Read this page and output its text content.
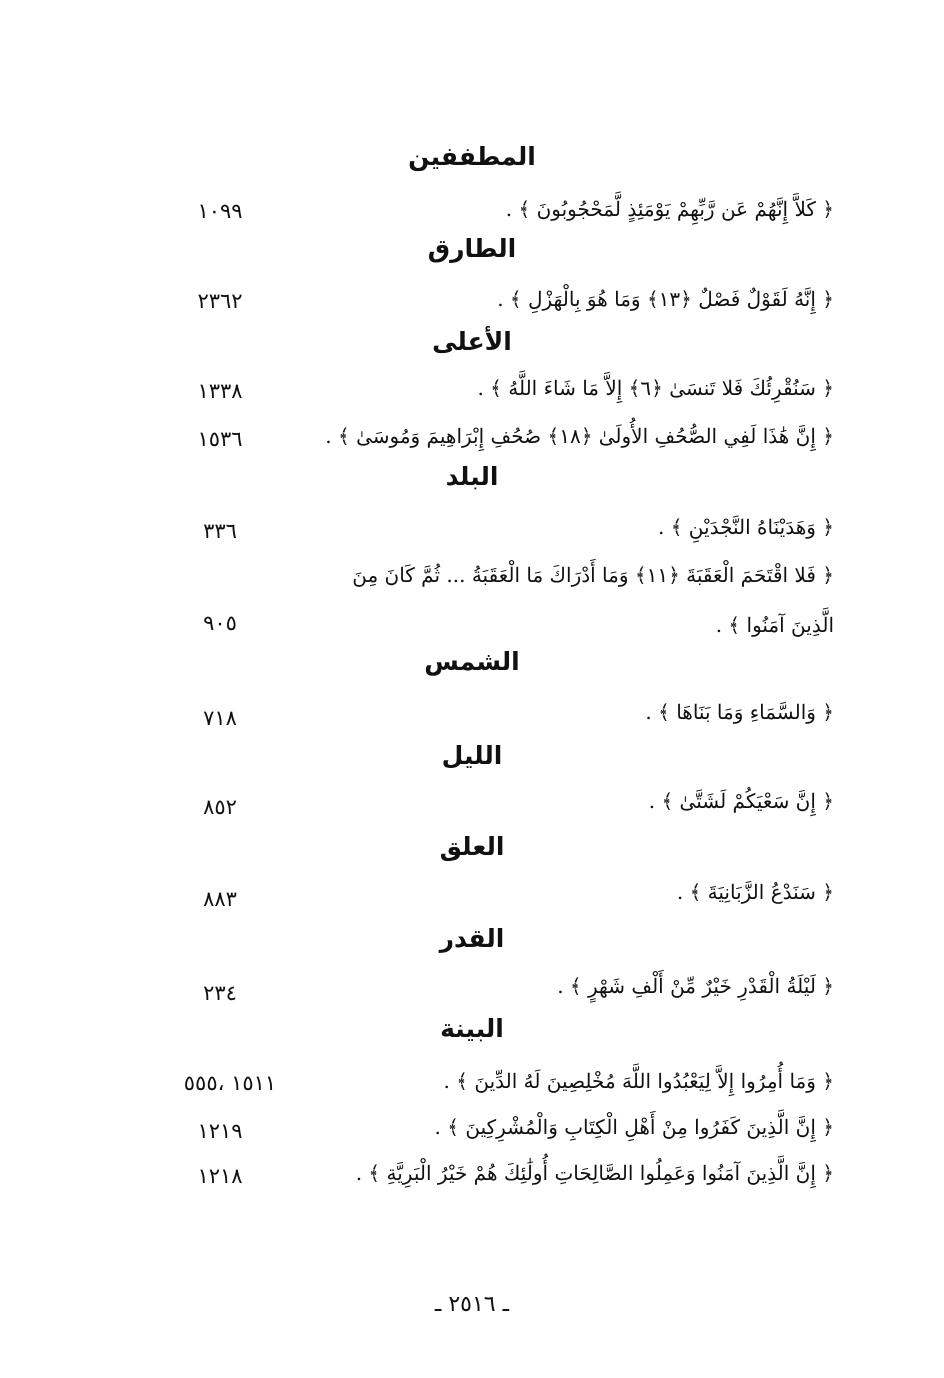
المطففين
﴿ كَلاَّ إِنَّهُمْ عَن رَّبِّهِمْ يَوْمَئِذٍ لَّمَحْجُوبُونَ ﴾ .
١٠٩٩
الطارق
﴿ إِنَّهُ لَقَوْلٌ فَصْلٌ ﴿١٣﴾ وَمَا هُوَ بِالْهَزْلِ ﴾ .
٢٣٦٢
الأعلى
﴿ سَنُقْرِئُكَ فَلا تَنسَىٰ ﴿٦﴾ إِلاَّ مَا شَاءَ اللَّهُ ﴾ .
١٣٣٨
﴿ إِنَّ هَٰذَا لَفِي الصُّحُفِ الأُولَىٰ ﴿١٨﴾ صُحُفِ إِبْرَاهِيمَ وَمُوسَىٰ ﴾ .
١٥٣٦
البلد
﴿ وَهَدَيْنَاهُ النَّجْدَيْنِ ﴾ .
٣٣٦
﴿ فَلا اقْتَحَمَ الْعَقَبَةَ ﴿١١﴾ وَمَا أَدْرَاكَ مَا الْعَقَبَةُ ... ثُمَّ كَانَ مِنَ الَّذِينَ آمَنُوا ﴾ .
٩٠٥
الشمس
﴿ وَالسَّمَاءِ وَمَا بَنَاهَا ﴾ .
٧١٨
الليل
﴿ إِنَّ سَعْيَكُمْ لَشَتَّىٰ ﴾ .
٨٥٢
العلق
﴿ سَنَدْعُ الزَّبَانِيَةَ ﴾ .
٨٨٣
القدر
﴿ لَيْلَةُ الْقَدْرِ خَيْرٌ مِّنْ أَلْفِ شَهْرٍ ﴾ .
٢٣٤
البينة
﴿ وَمَا أُمِرُوا إِلاَّ لِيَعْبُدُوا اللَّهَ مُخْلِصِينَ لَهُ الدِّينَ ﴾ .
١٥١١ ،٥٥٥
﴿ إِنَّ الَّذِينَ كَفَرُوا مِنْ أَهْلِ الْكِتَابِ وَالْمُشْرِكِينَ ﴾ .
١٢١٩
﴿ إِنَّ الَّذِينَ آمَنُوا وَعَمِلُوا الصَّالِحَاتِ أُولَٰئِكَ هُمْ خَيْرُ الْبَرِيَّةِ ﴾ .
١٢١٨
ـ ٢٥١٦ ـ
